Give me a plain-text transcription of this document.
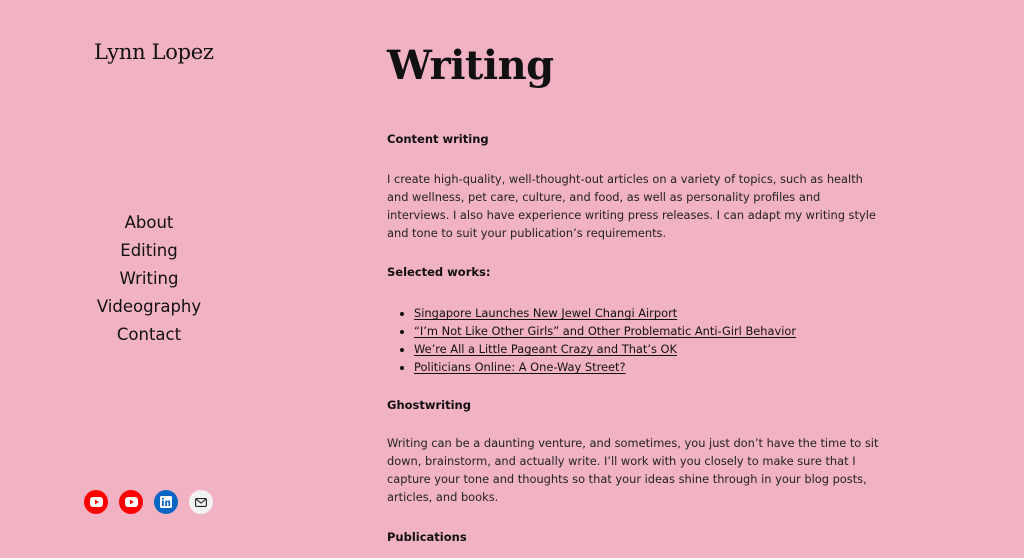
Lynn Lopez
About
Editing
Writing
Videography
Contact
Writing
Content writing

I create high-quality, well-thought-out articles on a variety of topics, such as health and wellness, pet care, culture, and food, as well as personality profiles and interviews. I also have experience writing press releases. I can adapt my writing style and tone to suit your publication’s requirements.

Selected works:
• Singapore Launches New Jewel Changi Airport
• “I’m Not Like Other Girls” and Other Problematic Anti-Girl Behavior
• We’re All a Little Pageant Crazy and That’s OK
• Politicians Online: A One-Way Street?
Ghostwriting

Writing can be a daunting venture, and sometimes, you just don’t have the time to sit down, brainstorm, and actually write. I’ll work with you closely to make sure that I capture your tone and thoughts so that your ideas shine through in your blog posts, articles, and books.

Publications
